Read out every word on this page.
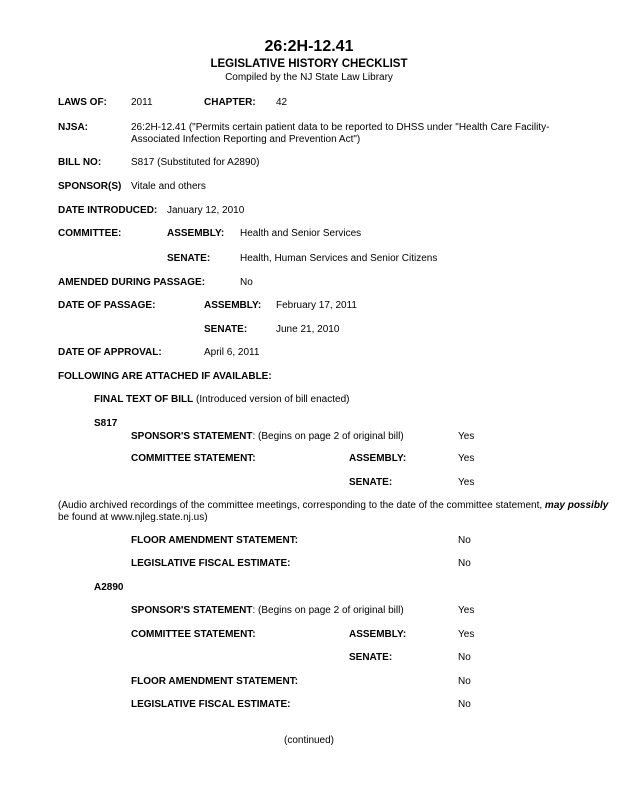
26:2H-12.41
LEGISLATIVE HISTORY CHECKLIST
Compiled by the NJ State Law Library
LAWS OF: 2011	CHAPTER: 42
NJSA:	26:2H-12.41 ("Permits certain patient data to be reported to DHSS under "Health Care Facility-Associated Infection Reporting and Prevention Act")
BILL NO:	S817 (Substituted for A2890)
SPONSOR(S) Vitale and others
DATE INTRODUCED: January 12, 2010
COMMITTEE:	ASSEMBLY: Health and Senior Services
SENATE:	Health, Human Services and Senior Citizens
AMENDED DURING PASSAGE:	No
DATE OF PASSAGE:	ASSEMBLY: February 17, 2011
SENATE:	June 21, 2010
DATE OF APPROVAL:	April 6, 2011
FOLLOWING ARE ATTACHED IF AVAILABLE:
FINAL TEXT OF BILL (Introduced version of bill enacted)
S817
SPONSOR'S STATEMENT: (Begins on page 2 of original bill)	Yes
COMMITTEE STATEMENT:	ASSEMBLY:	Yes
SENATE:	Yes
(Audio archived recordings of the committee meetings, corresponding to the date of the committee statement, may possibly
be found at www.njleg.state.nj.us)
FLOOR AMENDMENT STATEMENT:	No
LEGISLATIVE FISCAL ESTIMATE:	No
A2890
SPONSOR'S STATEMENT: (Begins on page 2 of original bill)	Yes
COMMITTEE STATEMENT:	ASSEMBLY:	Yes
SENATE:	No
FLOOR AMENDMENT STATEMENT:	No
LEGISLATIVE FISCAL ESTIMATE:	No
(continued)
